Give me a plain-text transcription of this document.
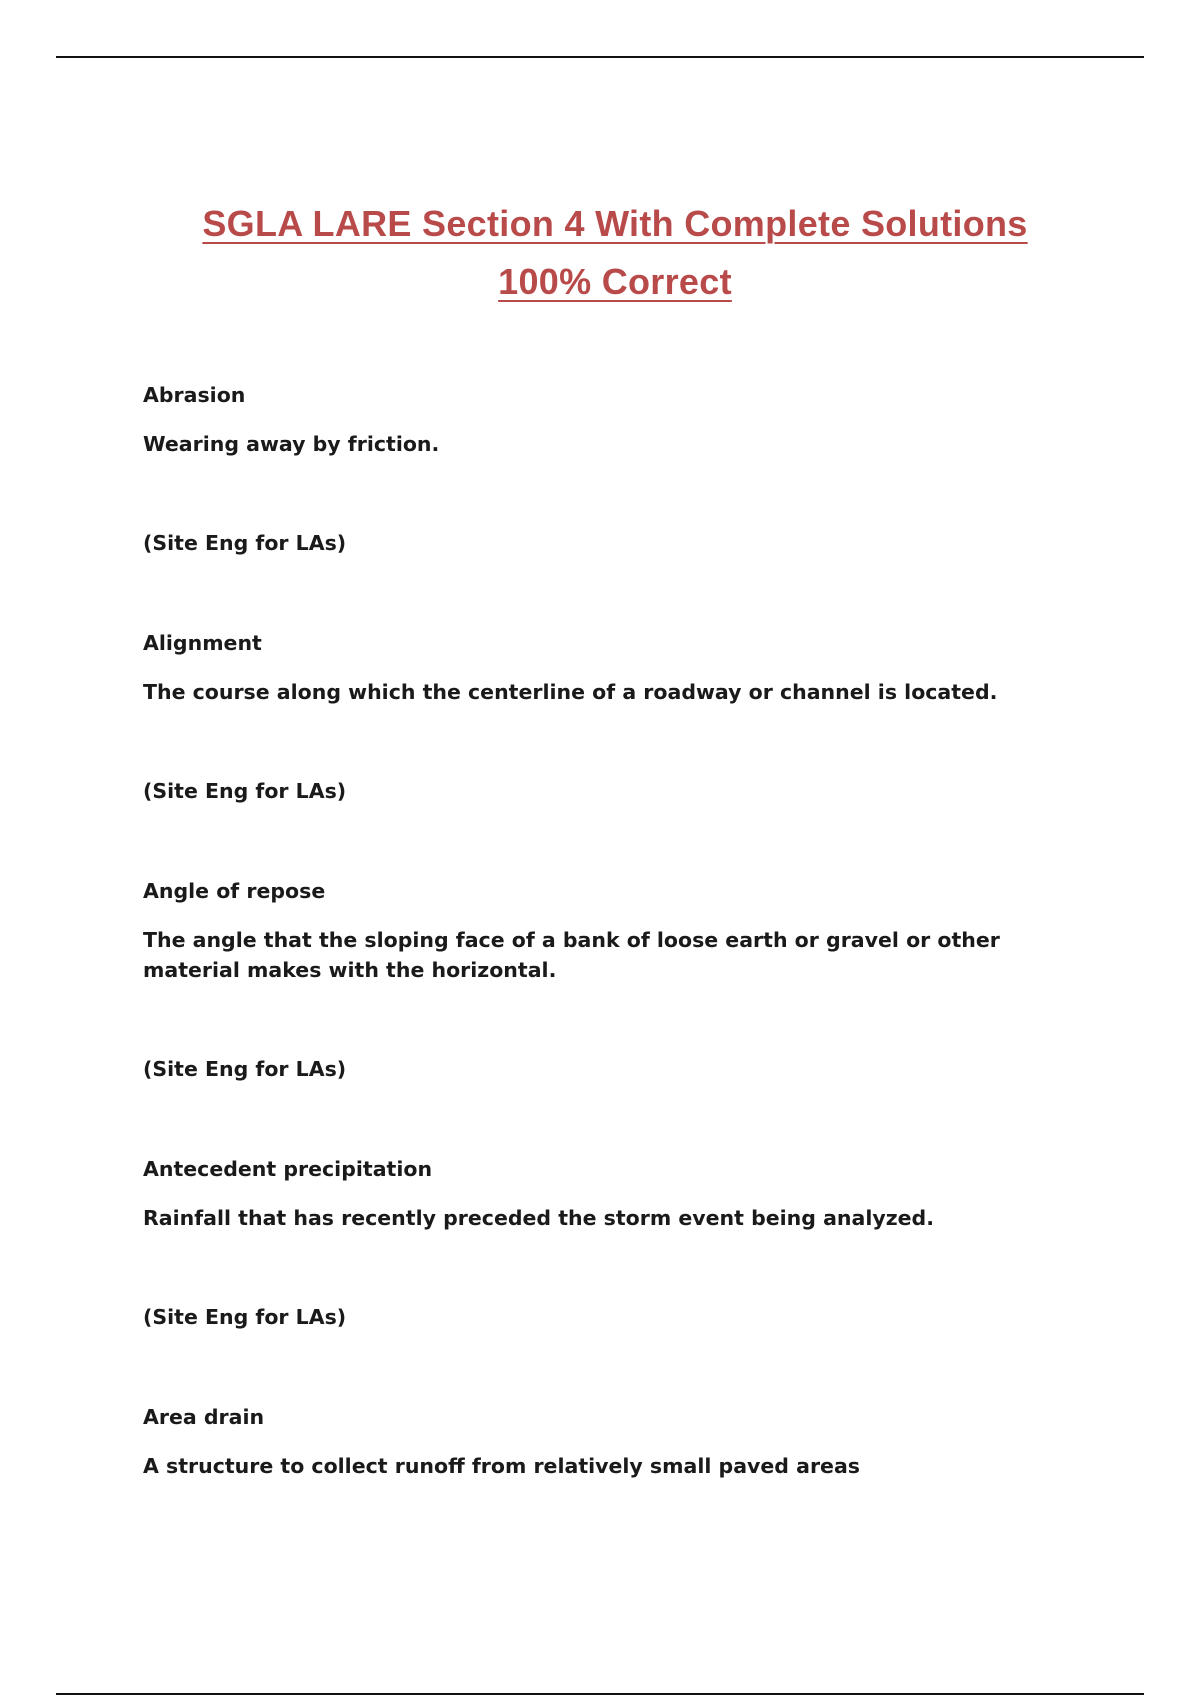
SGLA LARE Section 4 With Complete Solutions
100% Correct

Abrasion

Wearing away by friction.

(Site Eng for LAs)

Alignment

The course along which the centerline of a roadway or channel is located.

(Site Eng for LAs)

Angle of repose

The angle that the sloping face of a bank of loose earth or gravel or other material makes with the horizontal.

(Site Eng for LAs)

Antecedent precipitation

Rainfall that has recently preceded the storm event being analyzed.

(Site Eng for LAs)

Area drain

A structure to collect runoff from relatively small paved areas
